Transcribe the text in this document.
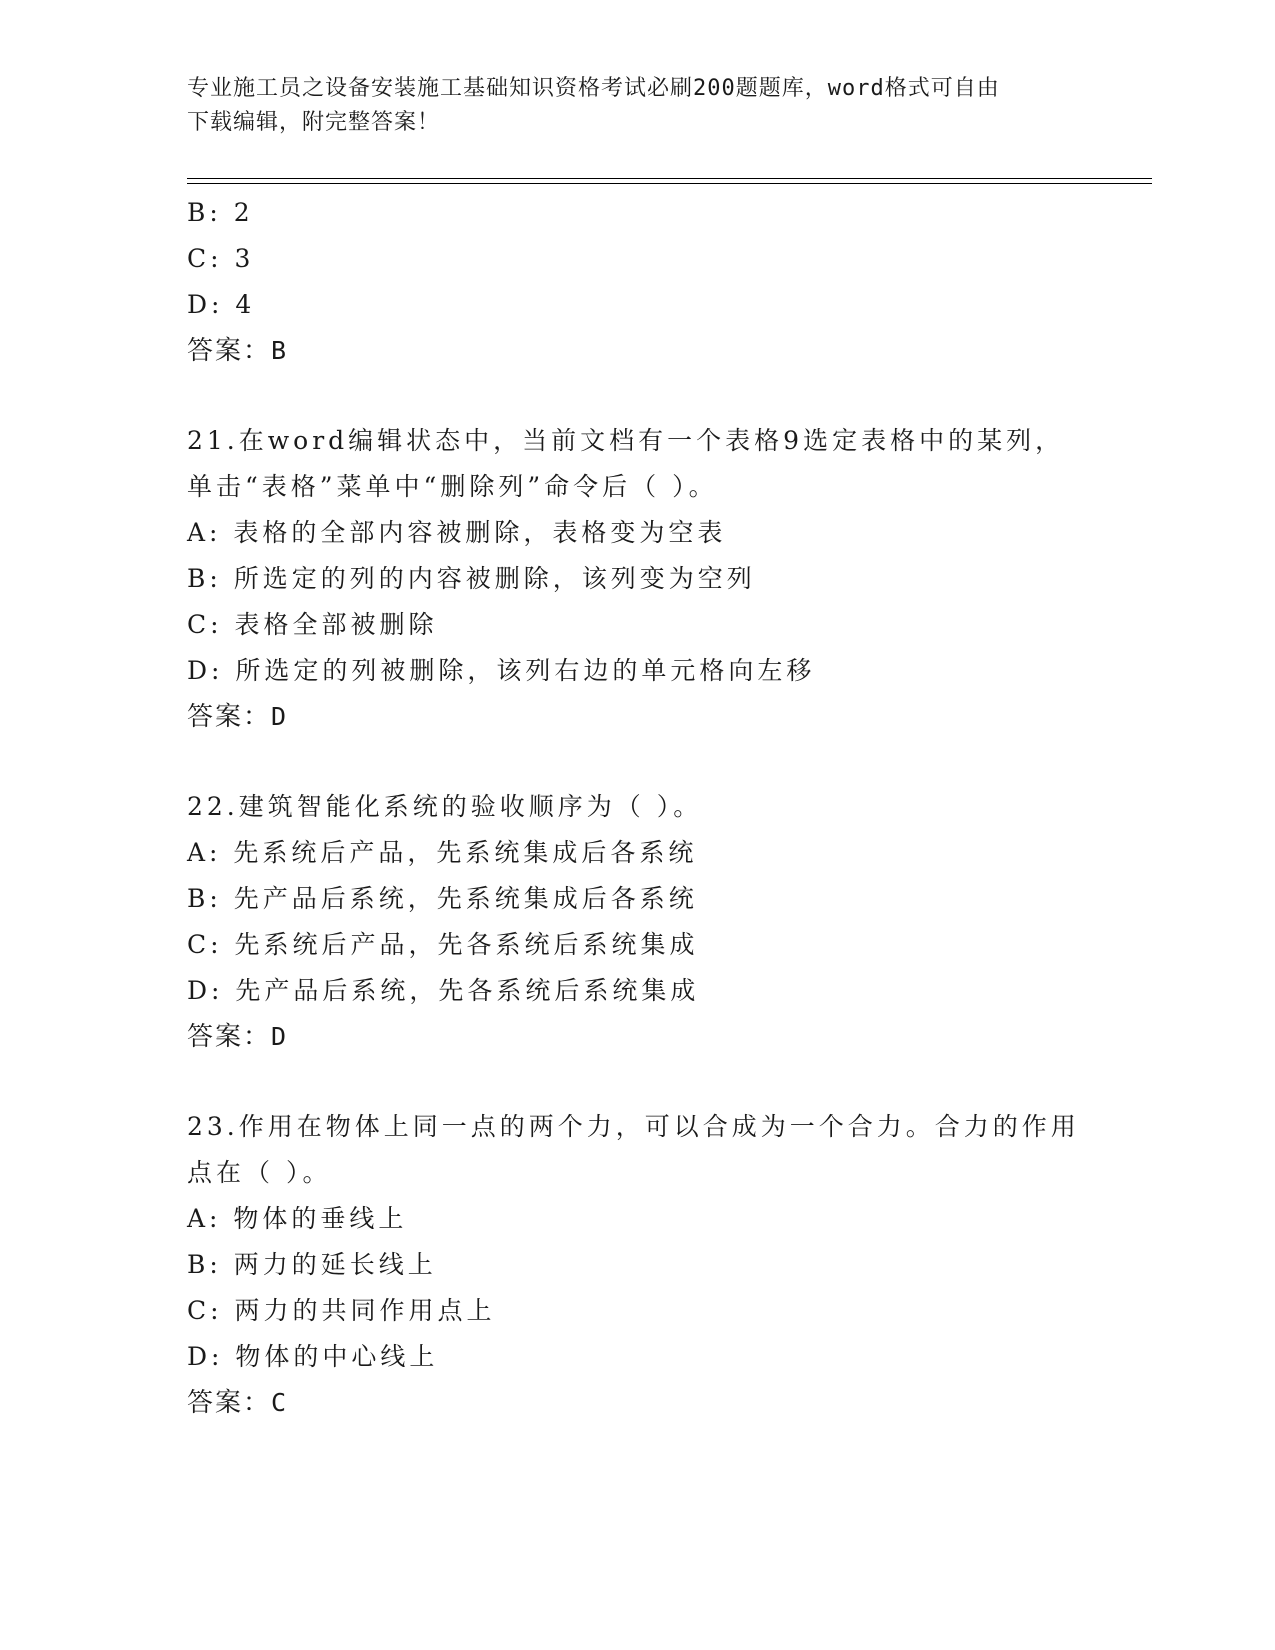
专业施工员之设备安装施工基础知识资格考试必刷200题题库，word格式可自由
下载编辑，附完整答案！
B: 2
C: 3
D: 4
答案：B
21.在word编辑状态中，当前文档有一个表格9选定表格中的某列，
单击“表格”菜单中“删除列”命令后（ ）。
A: 表格的全部内容被删除，表格变为空表
B: 所选定的列的内容被删除，该列变为空列
C: 表格全部被删除
D: 所选定的列被删除，该列右边的单元格向左移
答案：D
22.建筑智能化系统的验收顺序为（ ）。
A: 先系统后产品，先系统集成后各系统
B: 先产品后系统，先系统集成后各系统
C: 先系统后产品，先各系统后系统集成
D: 先产品后系统，先各系统后系统集成
答案：D
23.作用在物体上同一点的两个力，可以合成为一个合力。合力的作用
点在（ ）。
A: 物体的垂线上
B: 两力的延长线上
C: 两力的共同作用点上
D: 物体的中心线上
答案：C
